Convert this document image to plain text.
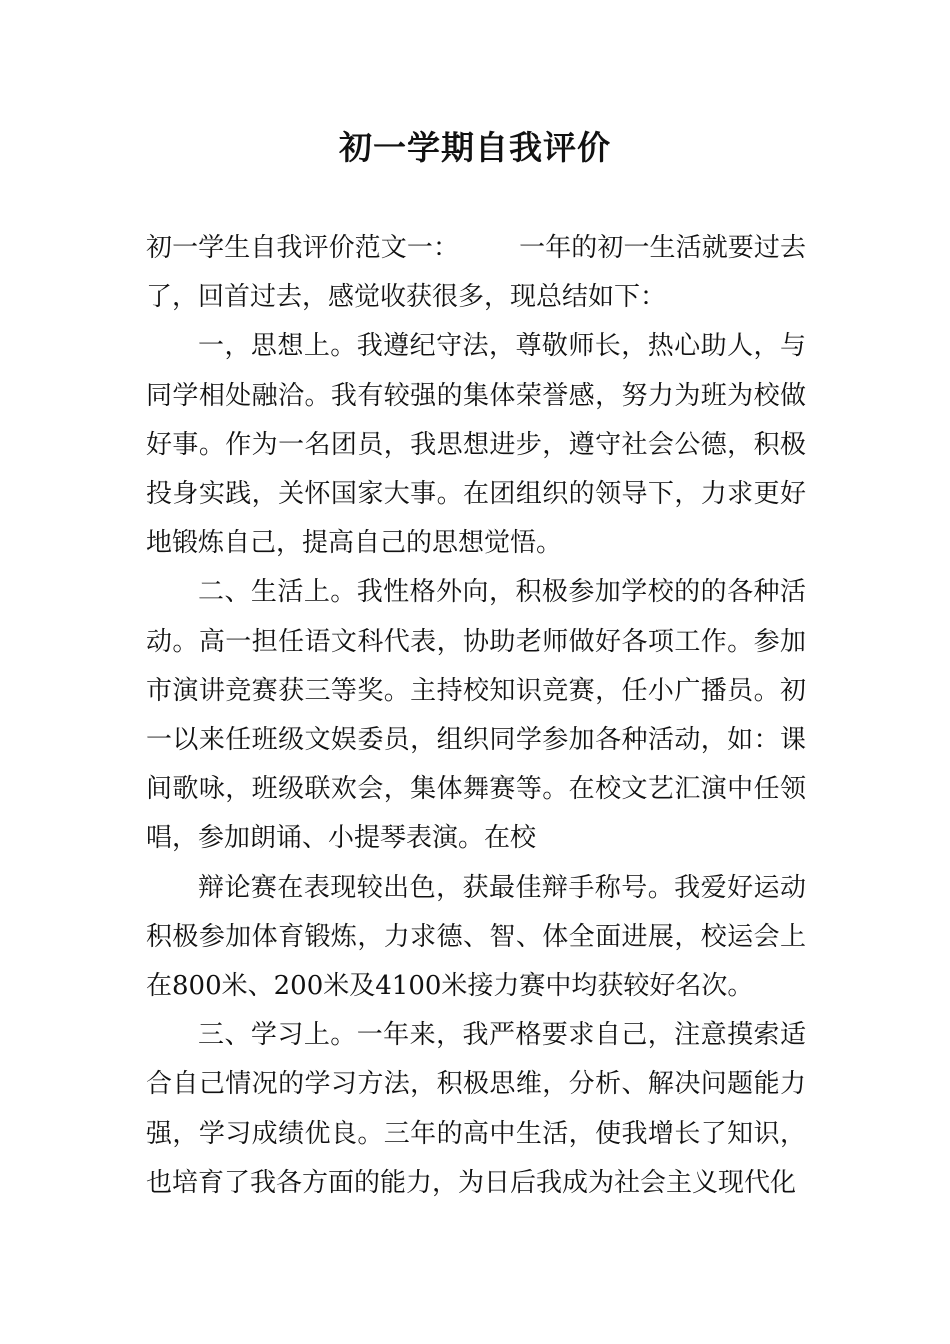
初一学期自我评价

初一学生自我评价范文一： 一年的初一生活就要过去了，回首过去，感觉收获很多，现总结如下：

一，思想上。我遵纪守法，尊敬师长，热心助人，与同学相处融洽。我有较强的集体荣誉感，努力为班为校做好事。作为一名团员，我思想进步，遵守社会公德，积极投身实践，关怀国家大事。在团组织的领导下，力求更好地锻炼自己，提高自己的思想觉悟。

二、生活上。我性格外向，积极参加学校的的各种活动。高一担任语文科代表，协助老师做好各项工作。参加市演讲竞赛获三等奖。主持校知识竞赛，任小广播员。初一以来任班级文娱委员，组织同学参加各种活动，如：课间歌咏，班级联欢会，集体舞赛等。在校文艺汇演中任领唱，参加朗诵、小提琴表演。在校

辩论赛在表现较出色，获最佳辩手称号。我爱好运动积极参加体育锻炼，力求德、智、体全面进展，校运会上在800米、200米及4100米接力赛中均获较好名次。

三、学习上。一年来，我严格要求自己，注意摸索适合自己情况的学习方法，积极思维，分析、解决问题能力强，学习成绩优良。三年的高中生活，使我增长了知识，也培育了我各方面的能力，为日后我成为社会主义现代化
